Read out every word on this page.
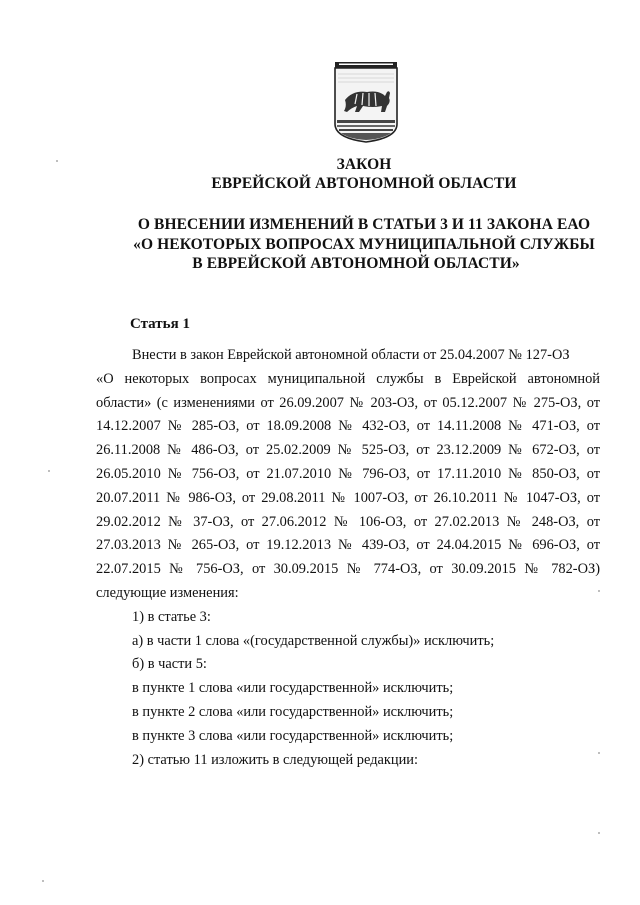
ЗАКОН
ЕВРЕЙСКОЙ АВТОНОМНОЙ ОБЛАСТИ
О ВНЕСЕНИИ ИЗМЕНЕНИЙ В СТАТЬИ 3 И 11 ЗАКОНА ЕАО
«О НЕКОТОРЫХ ВОПРОСАХ МУНИЦИПАЛЬНОЙ СЛУЖБЫ
В ЕВРЕЙСКОЙ АВТОНОМНОЙ ОБЛАСТИ»
Статья 1
Внести в закон Еврейской автономной области от 25.04.2007 № 127-ОЗ
«О некоторых вопросах муниципальной службы в Еврейской автономной
области» (с изменениями от 26.09.2007 № 203-ОЗ, от 05.12.2007 № 275-ОЗ, от
14.12.2007 № 285-ОЗ, от 18.09.2008 № 432-ОЗ, от 14.11.2008 № 471-ОЗ, от
26.11.2008 № 486-ОЗ, от 25.02.2009 № 525-ОЗ, от 23.12.2009 № 672-ОЗ, от
26.05.2010 № 756-ОЗ, от 21.07.2010 № 796-ОЗ, от 17.11.2010 № 850-ОЗ, от
20.07.2011 № 986-ОЗ, от 29.08.2011 № 1007-ОЗ, от 26.10.2011 № 1047-ОЗ, от
29.02.2012 № 37-ОЗ, от 27.06.2012 № 106-ОЗ, от 27.02.2013 № 248-ОЗ, от
27.03.2013 № 265-ОЗ, от 19.12.2013 № 439-ОЗ, от 24.04.2015 № 696-ОЗ, от
22.07.2015 № 756-ОЗ, от 30.09.2015 № 774-ОЗ, от 30.09.2015 № 782-ОЗ)
следующие изменения:
1) в статье 3:
а) в части 1 слова «(государственной службы)» исключить;
б) в части 5:
в пункте 1 слова «или государственной» исключить;
в пункте 2 слова «или государственной» исключить;
в пункте 3 слова «или государственной» исключить;
2) статью 11 изложить в следующей редакции:
